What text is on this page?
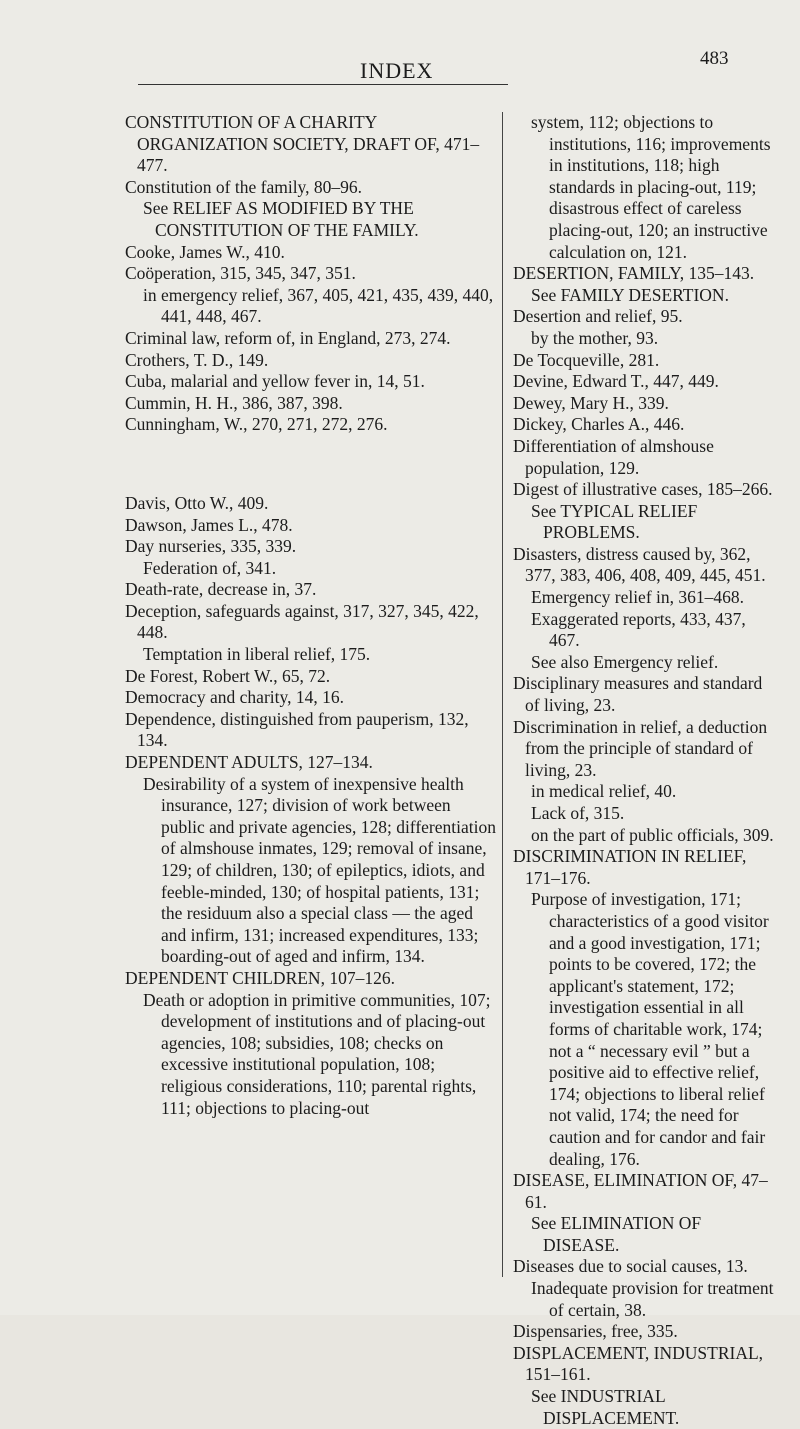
INDEX	483

CONSTITUTION OF A CHARITY ORGANIZATION SOCIETY, DRAFT OF, 471–477.

Constitution of the family, 80–96.

See RELIEF AS MODIFIED BY THE CONSTITUTION OF THE FAMILY.

Cooke, James W., 410.

Coöperation, 315, 345, 347, 351.

in emergency relief, 367, 405, 421, 435, 439, 440, 441, 448, 467.

Criminal law, reform of, in England, 273, 274.

Crothers, T. D., 149.

Cuba, malarial and yellow fever in, 14, 51.

Cummin, H. H., 386, 387, 398.

Cunningham, W., 270, 271, 272, 276.

Davis, Otto W., 409.

Dawson, James L., 478.

Day nurseries, 335, 339.

Federation of, 341.

Death-rate, decrease in, 37.

Deception, safeguards against, 317, 327, 345, 422, 448.

Temptation in liberal relief, 175.

De Forest, Robert W., 65, 72.

Democracy and charity, 14, 16.

Dependence, distinguished from pauperism, 132, 134.

DEPENDENT ADULTS, 127–134.

Desirability of a system of inexpensive health insurance, 127; division of work between public and private agencies, 128; differentiation of almshouse inmates, 129; removal of insane, 129; of children, 130; of epileptics, idiots, and feeble-minded, 130; of hospital patients, 131; the residuum also a special class — the aged and infirm, 131; increased expenditures, 133; boarding-out of aged and infirm, 134.

DEPENDENT CHILDREN, 107–126.

Death or adoption in primitive communities, 107; development of institutions and of placing-out agencies, 108; subsidies, 108; checks on excessive institutional population, 108; religious considerations, 110; parental rights, 111; objections to placing-out

system, 112; objections to institutions, 116; improvements in institutions, 118; high standards in placing-out, 119; disastrous effect of careless placing-out, 120; an instructive calculation on, 121.

DESERTION, FAMILY, 135–143.

See FAMILY DESERTION.

Desertion and relief, 95.

by the mother, 93.

De Tocqueville, 281.

Devine, Edward T., 447, 449.

Dewey, Mary H., 339.

Dickey, Charles A., 446.

Differentiation of almshouse population, 129.

Digest of illustrative cases, 185–266.

See TYPICAL RELIEF PROBLEMS.

Disasters, distress caused by, 362, 377, 383, 406, 408, 409, 445, 451.

Emergency relief in, 361–468.

Exaggerated reports, 433, 437, 467.

See also Emergency relief.

Disciplinary measures and standard of living, 23.

Discrimination in relief, a deduction from the principle of standard of living, 23.

in medical relief, 40.

Lack of, 315.

on the part of public officials, 309.

DISCRIMINATION IN RELIEF, 171–176.

Purpose of investigation, 171; characteristics of a good visitor and a good investigation, 171; points to be covered, 172; the applicant's statement, 172; investigation essential in all forms of charitable work, 174; not a “ necessary evil ” but a positive aid to effective relief, 174; objections to liberal relief not valid, 174; the need for caution and for candor and fair dealing, 176.

DISEASE, ELIMINATION OF, 47–61.

See ELIMINATION OF DISEASE.

Diseases due to social causes, 13.

Inadequate provision for treatment of certain, 38.

Dispensaries, free, 335.

DISPLACEMENT, INDUSTRIAL, 151–161.

See INDUSTRIAL DISPLACEMENT.
